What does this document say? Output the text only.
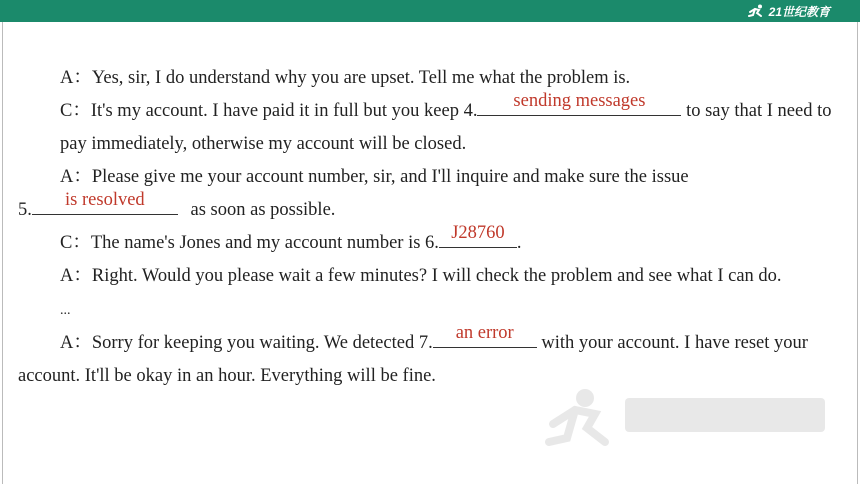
21世纪教育

A：Yes, sir, I do understand why you are upset. Tell me what the problem is.

C：It's my account. I have paid it in full but you keep 4.	sending messages	to say that I need to pay immediately, otherwise my account will be closed.

A：Please give me your account number, sir, and I'll inquire and make sure the issue

5.	is resolved	as soon as possible.

C：The name's Jones and my account number is 6. J28760 .

A：Right. Would you please wait a few minutes? I will check the problem and see what I can do.

...

A：Sorry for keeping you waiting. We detected 7.	an error	with your account. I have reset your account. It'll be okay in an hour. Everything will be fine.
